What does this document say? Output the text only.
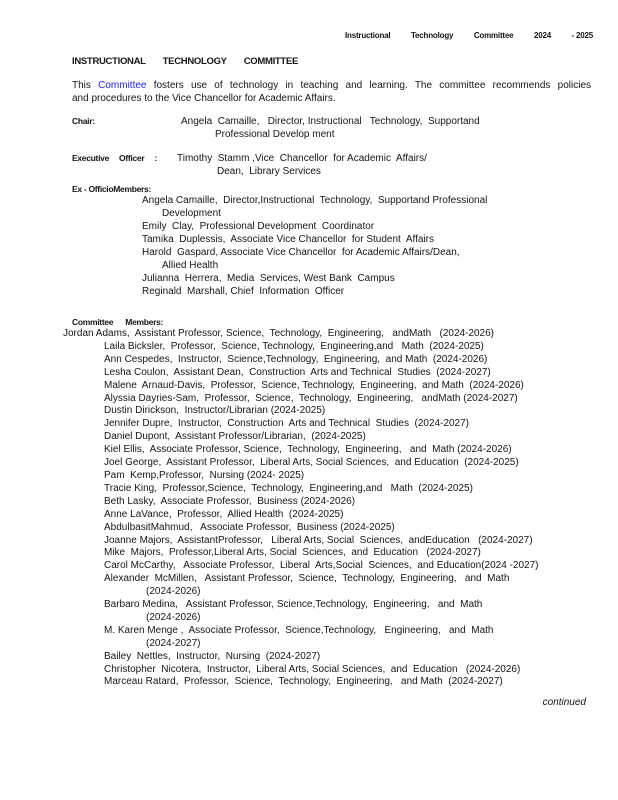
Instructional	Technology	Committee	2024	- 2025
INSTRUCTIONAL TECHNOLOGY COMMITTEE
This Committee fosters use of technology in teaching and learning. The committee recommends policies
and procedures to the Vice Chancellor for Academic Affairs.
Chair:	Angela  Camaille,   Director, Instructional   Technology,  Supportand
Professional Develop ment
Executive Officer : Timothy  Stamm ,Vice  Chancellor  for Academic  Affairs/
Dean,  Library Services
Ex - OfficioMembers:
Angela Camaille,  Director,Instructional  Technology,  Supportand Professional
Development
Emily  Clay,  Professional Development  Coordinator
Tamika  Duplessis,  Associate Vice Chancellor  for Student  Affairs
Harold  Gaspard, Associate Vice Chancellor  for Academic Affairs/Dean,
Allied Health
Julianna  Herrera,  Media  Services, West Bank  Campus
Reginald  Marshall, Chief  Information  Officer
Committee Members:
Jordan Adams,  Assistant Professor, Science,  Technology,  Engineering,   andMath   (2024-2026)
Laila Bicksler,  Professor,  Science, Technology,  Engineering,and   Math  (2024-2025)
Ann Cespedes,  Instructor,  Science,Technology,  Engineering,  and Math  (2024-2026)
Lesha Coulon,  Assistant Dean,  Construction  Arts and Technical  Studies  (2024-2027)
Malene  Arnaud-Davis,  Professor,  Science, Technology,  Engineering,  and Math  (2024-2026)
Alyssia Dayries-Sam,  Professor,  Science,  Technology,  Engineering,   andMath (2024-2027)
Dustin Dirickson,  Instructor/Librarian (2024-2025)
Jennifer Dupre,  Instructor,  Construction  Arts and Technical  Studies  (2024-2027)
Daniel Dupont,  Assistant Professor/Librarian,  (2024-2025)
Kiel Ellis,  Associate Professor, Science,  Technology,  Engineering,   and  Math (2024-2026)
Joel George,  Assistant Professor,  Liberal Arts, Social Sciences,  and Education  (2024-2025)
Pam  Kemp,Professor,  Nursing (2024- 2025)
Tracie King,  Professor,Science,  Technology,  Engineering,and   Math  (2024-2025)
Beth Lasky,  Associate Professor,  Business (2024-2026)
Anne LaVance,  Professor,  Allied Health  (2024-2025)
AbdulbasitMahmud,   Associate Professor,  Business (2024-2025)
Joanne Majors,  AssistantProfessor,   Liberal Arts, Social  Sciences,  andEducation   (2024-2027)
Mike  Majors,  Professor,Liberal Arts, Social  Sciences,  and  Education   (2024-2027)
Carol McCarthy,   Associate Professor,  Liberal  Arts,Social  Sciences,  and Education(2024 -2027)
Alexander  McMillen,   Assistant Professor,  Science,  Technology,  Engineering,   and  Math
(2024-2026)
Barbaro Medina,   Assistant Professor, Science,Technology,  Engineering,   and  Math
(2024-2026)
M. Karen Menge ,  Associate Professor,  Science,Technology,   Engineering,   and  Math
(2024-2027)
Bailey  Nettles,  Instructor,  Nursing  (2024-2027)
Christopher  Nicotera,  Instructor,  Liberal Arts, Social Sciences,  and  Education   (2024-2026)
Marceau Ratard,  Professor,  Science,  Technology,  Engineering,   and Math  (2024-2027)
continued
